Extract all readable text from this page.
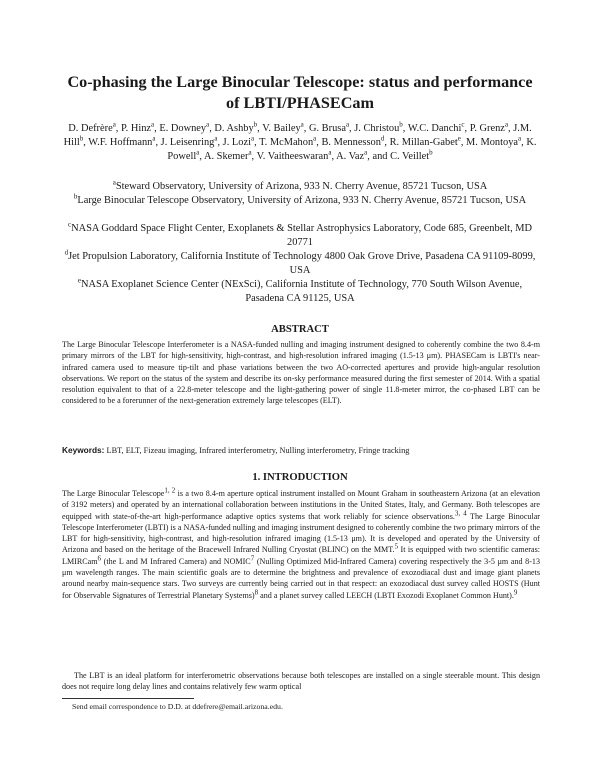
Co-phasing the Large Binocular Telescope: status and performance of LBTI/PHASECam
D. Defrère$^a$, P. Hinz$^a$, E. Downey$^a$, D. Ashby$^b$, V. Bailey$^a$, G. Brusa$^a$, J. Christou$^b$, W.C. Danchi$^c$, P. Grenz$^a$, J.M. Hill$^b$, W.F. Hoffmann$^a$, J. Leisenring$^a$, J. Lozi$^a$, T. McMahon$^a$, B. Mennesson$^d$, R. Millan-Gabet$^e$, M. Montoya$^a$, K. Powell$^a$, A. Skemer$^a$, V. Vaitheeswaran$^a$, A. Vaz$^a$, and C. Veillet$^b$
$^a$Steward Observatory, University of Arizona, 933 N. Cherry Avenue, 85721 Tucson, USA
$^b$Large Binocular Telescope Observatory, University of Arizona, 933 N. Cherry Avenue, 85721 Tucson, USA
$^c$NASA Goddard Space Flight Center, Exoplanets & Stellar Astrophysics Laboratory, Code 685, Greenbelt, MD 20771
$^d$Jet Propulsion Laboratory, California Institute of Technology 4800 Oak Grove Drive, Pasadena CA 91109-8099, USA
$^e$NASA Exoplanet Science Center (NExSci), California Institute of Technology, 770 South Wilson Avenue, Pasadena CA 91125, USA
ABSTRACT
The Large Binocular Telescope Interferometer is a NASA-funded nulling and imaging instrument designed to coherently combine the two 8.4-m primary mirrors of the LBT for high-sensitivity, high-contrast, and high-resolution infrared imaging (1.5-13 μm). PHASECam is LBTI's near-infrared camera used to measure tip-tilt and phase variations between the two AO-corrected apertures and provide high-angular resolution observations. We report on the status of the system and describe its on-sky performance measured during the first semester of 2014. With a spatial resolution equivalent to that of a 22.8-meter telescope and the light-gathering power of single 11.8-meter mirror, the co-phased LBT can be considered to be a forerunner of the next-generation extremely large telescopes (ELT).
Keywords: LBT, ELT, Fizeau imaging, Infrared interferometry, Nulling interferometry, Fringe tracking
1. INTRODUCTION
The Large Binocular Telescope$^{1, 2}$ is a two 8.4-m aperture optical instrument installed on Mount Graham in southeastern Arizona (at an elevation of 3192 meters) and operated by an international collaboration between institutions in the United States, Italy, and Germany. Both telescopes are equipped with state-of-the-art high-performance adaptive optics systems that work reliably for science observations.$^{3, 4}$ The Large Binocular Telescope Interferometer (LBTI) is a NASA-funded nulling and imaging instrument designed to coherently combine the two primary mirrors of the LBT for high-sensitivity, high-contrast, and high-resolution infrared imaging (1.5-13 μm). It is developed and operated by the University of Arizona and based on the heritage of the Bracewell Infrared Nulling Cryostat (BLINC) on the MMT.$^5$ It is equipped with two scientific cameras: LMIRCam$^6$ (the L and M Infrared Camera) and NOMIC$^7$ (Nulling Optimized Mid-Infrared Camera) covering respectively the 3-5 μm and 8-13 μm wavelength ranges. The main scientific goals are to determine the brightness and prevalence of exozodiacal dust and image giant planets around nearby main-sequence stars. Two surveys are currently being carried out in that respect: an exozodiacal dust survey called HOSTS (Hunt for Observable Signatures of Terrestrial Planetary Systems)$^8$ and a planet survey called LEECH (LBTI Exozodi Exoplanet Common Hunt).$^9$
The LBT is an ideal platform for interferometric observations because both telescopes are installed on a single steerable mount. This design does not require long delay lines and contains relatively few warm optical
Send email correspondence to D.D. at ddefrere@email.arizona.edu.
